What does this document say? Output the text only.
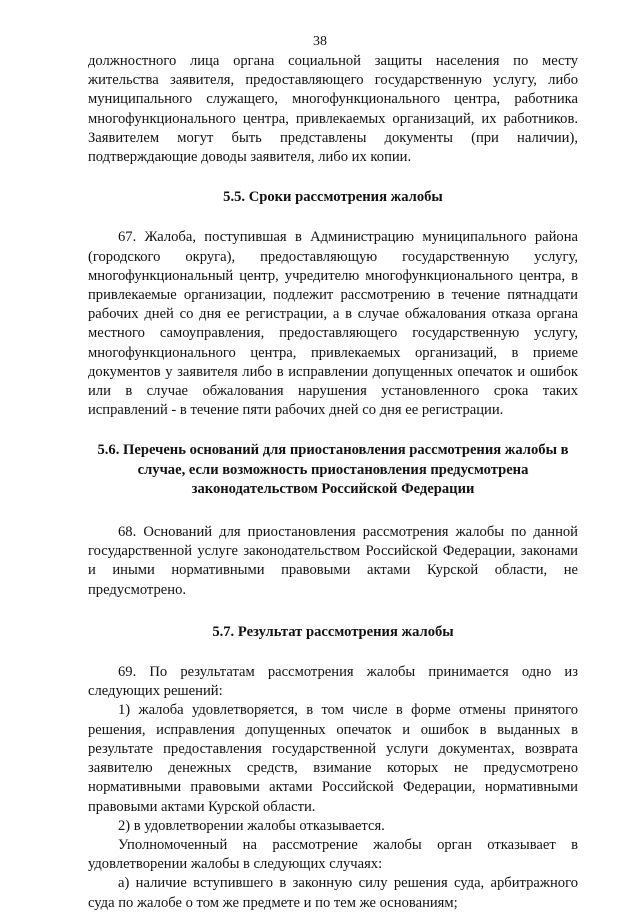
38

должностного лица органа социальной защиты населения по месту жительства заявителя, предоставляющего государственную услугу, либо муниципального служащего, многофункционального центра, работника многофункционального центра, привлекаемых организаций, их работников. Заявителем могут быть представлены документы (при наличии), подтверждающие доводы заявителя, либо их копии.

5.5. Сроки рассмотрения жалобы

67. Жалоба, поступившая в Администрацию муниципального района (городского округа), предоставляющую государственную услугу, многофункциональный центр, учредителю многофункционального центра, в привлекаемые организации, подлежит рассмотрению в течение пятнадцати рабочих дней со дня ее регистрации, а в случае обжалования отказа органа местного самоуправления, предоставляющего государственную услугу, многофункционального центра, привлекаемых организаций, в приеме документов у заявителя либо в исправлении допущенных опечаток и ошибок или в случае обжалования нарушения установленного срока таких исправлений - в течение пяти рабочих дней со дня ее регистрации.

5.6. Перечень оснований для приостановления рассмотрения жалобы в случае, если возможность приостановления предусмотрена законодательством Российской Федерации

68. Оснований для приостановления рассмотрения жалобы по данной государственной услуге законодательством Российской Федерации, законами и иными нормативными правовыми актами Курской области, не предусмотрено.

5.7. Результат рассмотрения жалобы

69. По результатам рассмотрения жалобы принимается одно из следующих решений:

1) жалоба удовлетворяется, в том числе в форме отмены принятого решения, исправления допущенных опечаток и ошибок в выданных в результате предоставления государственной услуги документах, возврата заявителю денежных средств, взимание которых не предусмотрено нормативными правовыми актами Российской Федерации, нормативными правовыми актами Курской области.

2) в удовлетворении жалобы отказывается.

Уполномоченный на рассмотрение жалобы орган отказывает в удовлетворении жалобы в следующих случаях:

а) наличие вступившего в законную силу решения суда, арбитражного суда по жалобе о том же предмете и по тем же основаниям;
